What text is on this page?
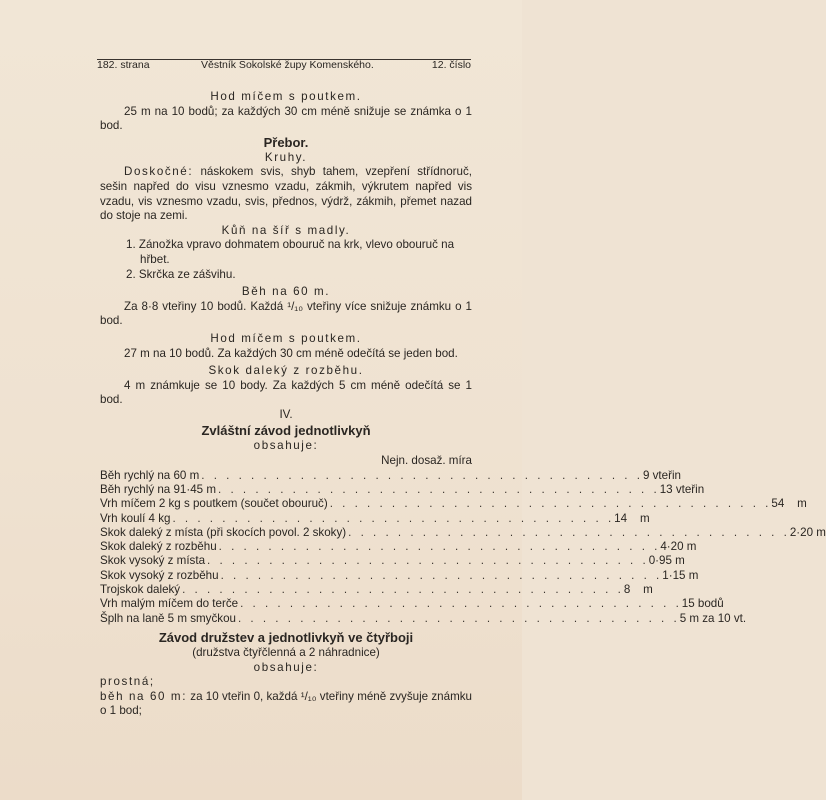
182. strana	Věstník Sokolské župy Komenského.	12. číslo
Hod míčem s poutkem.

25 m na 10 bodů; za každých 30 cm méně snižuje se známka o 1 bod.

Přebor.
Kruhy.

Doskočné: náskokem svis, shyb tahem, vzepření střídnoruč, sešin napřed do visu vznesmo vzadu, zákmih, výkrutem napřed vis vzadu, vis vznesmo vzadu, svis, přednos, výdrž, zákmih, přemet nazad do stoje na zemi.

Kůň na šíř s madly.

1. Zánožka vpravo dohmatem obouruč na krk, vlevo obouruč na hřbet.

2. Skrčka ze zášvihu.

Běh na 60 m.

Za 8·8 vteřiny 10 bodů. Každá ¹/₁₀ vteřiny více snižuje známku o 1 bod.

Hod míčem s poutkem.

27 m na 10 bodů. Za každých 30 cm méně odečítá se jeden bod.

Skok daleký z rozběhu.

4 m známkuje se 10 body. Za každých 5 cm méně odečítá se 1 bod.

IV.
Zvláštní závod jednotlivkyň
obsahuje:
Nejn. dosaž. míra
Běh rychlý na 60 m . . . . . . . . . . . . . . . . . . . . . . . . . . . . . . . . . . . . 9 vteřin
Běh rychlý na 91·45 m . . . . . . . . . . . . . . . . . . . . . . . . . . . . . . . . . . . . 13 vteřin
Vrh míčem 2 kg s poutkem (součet obouruč) . . . . . . . . . . . . . . . . . . . . . . . . . . . . . . . . . . . . 54    m
Vrh koulí 4 kg . . . . . . . . . . . . . . . . . . . . . . . . . . . . . . . . . . . . 14    m
Skok daleký z místa (při skocích povol. 2 skoky) . . . . . . . . . . . . . . . . . . . . . . . . . . . . . . . . . . . . 2·20 m
Skok daleký z rozběhu . . . . . . . . . . . . . . . . . . . . . . . . . . . . . . . . . . . . 4·20 m
Skok vysoký z místa . . . . . . . . . . . . . . . . . . . . . . . . . . . . . . . . . . . . 0·95 m
Skok vysoký z rozběhu . . . . . . . . . . . . . . . . . . . . . . . . . . . . . . . . . . . . 1·15 m
Trojskok daleký . . . . . . . . . . . . . . . . . . . . . . . . . . . . . . . . . . . . 8    m
Vrh malým míčem do terče . . . . . . . . . . . . . . . . . . . . . . . . . . . . . . . . . . . . 15 bodů
Šplh na laně 5 m smyčkou . . . . . . . . . . . . . . . . . . . . . . . . . . . . . . . . . . . . 5 m za 10 vt.
Závod družstev a jednotlivkyň ve čtyřboji
(družstva čtyřčlenná a 2 náhradnice)
obsahuje:

prostná;

běh na 60 m: za 10 vteřin 0, každá ¹/₁₀ vteřiny méně zvyšuje známku o 1 bod;
